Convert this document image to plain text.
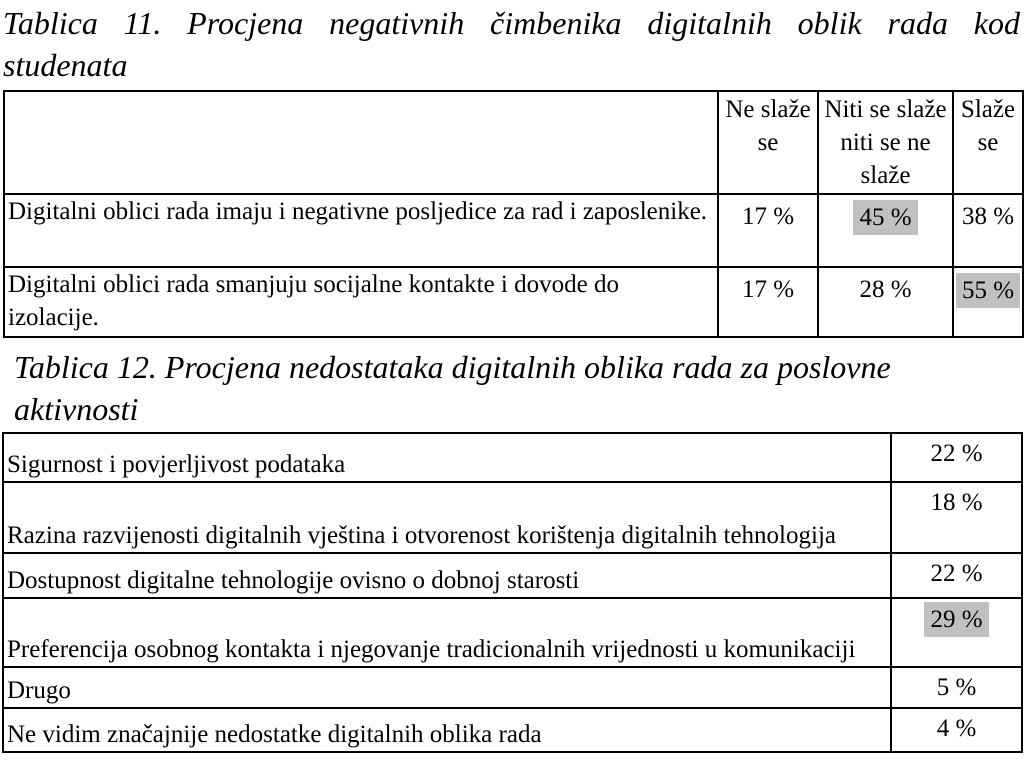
Tablica 11. Procjena negativnih čimbenika digitalnih oblik rada kod
studenata
	Ne slaže se	Niti se slaže niti se ne slaže	Slaže se
Digitalni oblici rada imaju i negativne posljedice za rad i zaposlenike.	17 %	45 %	38 %
Digitalni oblici rada smanjuju socijalne kontakte i dovode do izolacije.	17 %	28 %	55 %
Tablica 12. Procjena nedostataka digitalnih oblika rada za poslovne
aktivnosti
Sigurnost i povjerljivost podataka	22 %
Razina razvijenosti digitalnih vještina i otvorenost korištenja digitalnih tehnologija	18 %
Dostupnost digitalne tehnologije ovisno o dobnoj starosti	22 %
Preferencija osobnog kontakta i njegovanje tradicionalnih vrijednosti u komunikaciji	29 %
Drugo	5 %
Ne vidim značajnije nedostatke digitalnih oblika rada	4 %
